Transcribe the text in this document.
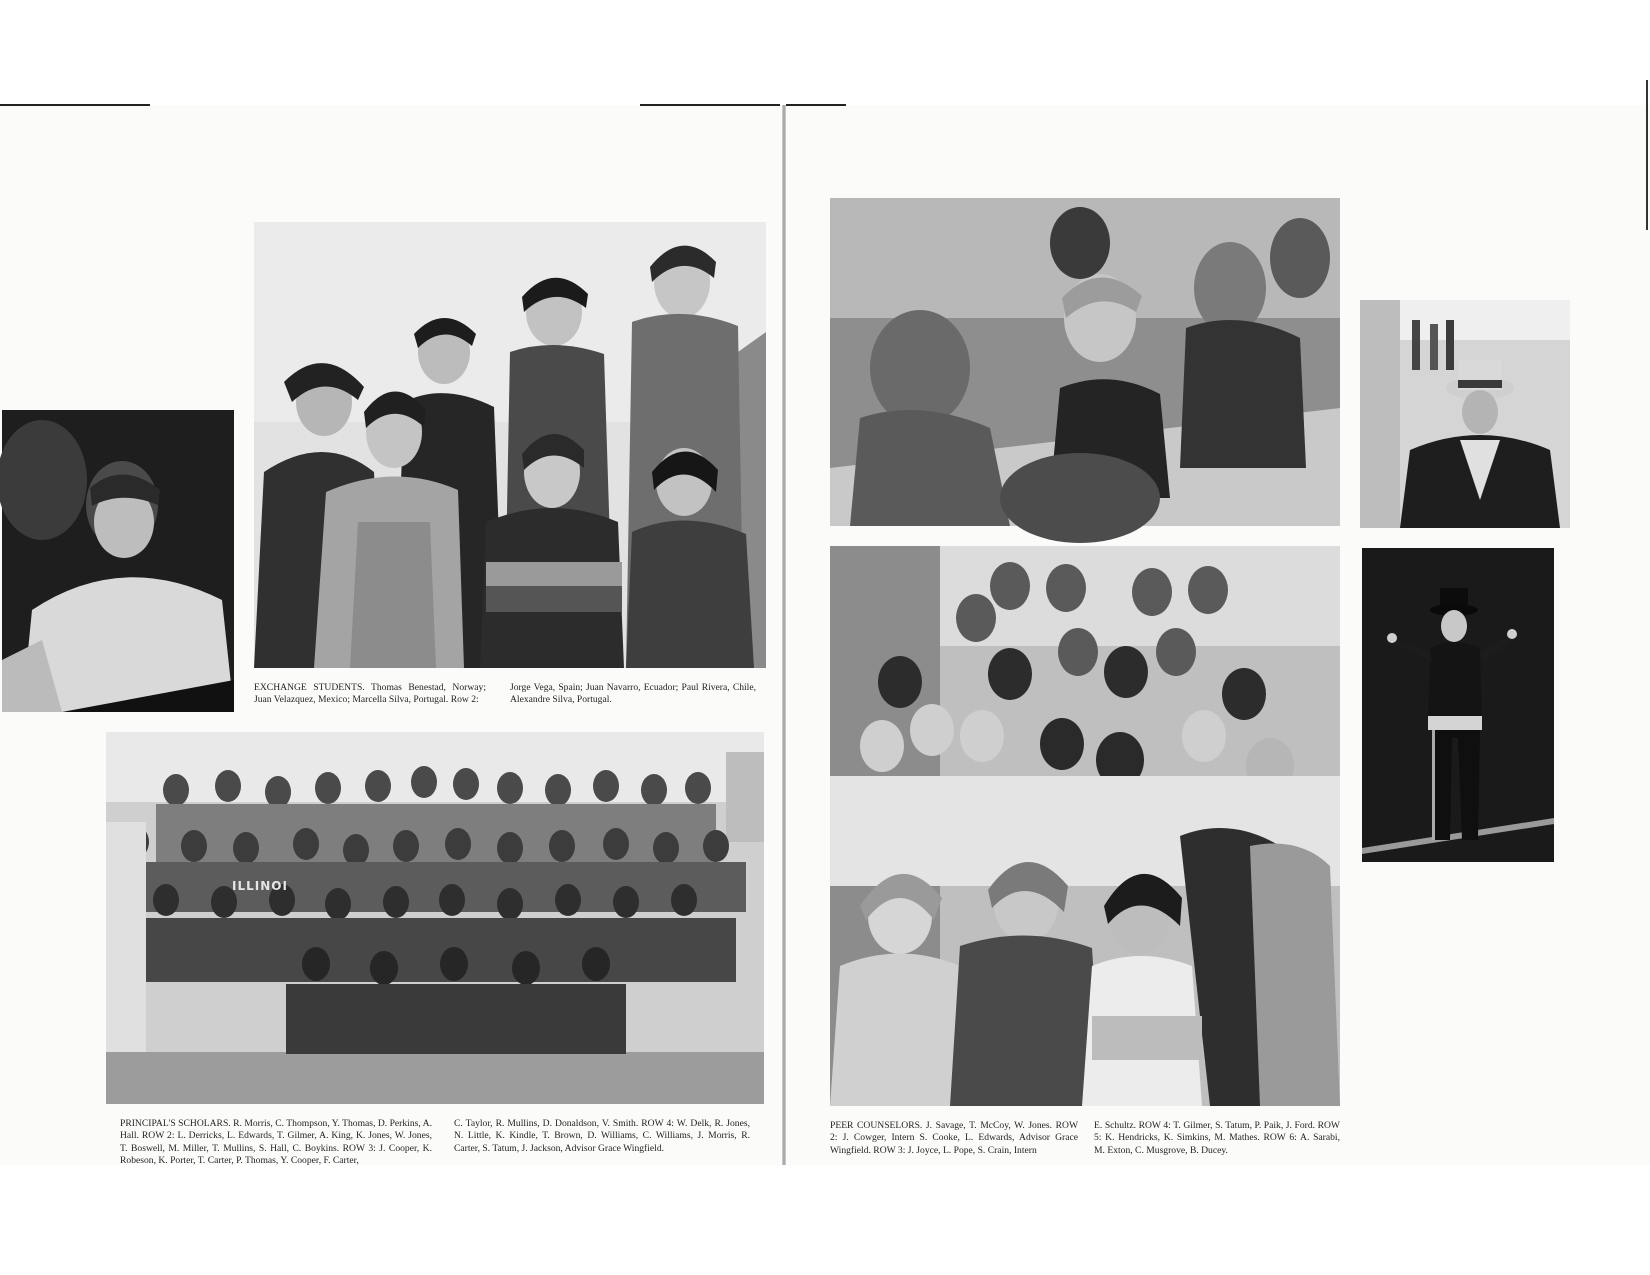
EXCHANGE STUDENTS. Thomas Benestad, Norway; Juan Velazquez, Mexico; Marcella Silva, Portugal. Row 2:
Jorge Vega, Spain; Juan Navarro, Ecuador; Paul Rivera, Chile, Alexandre Silva, Portugal.
ILLINOI
PRINCIPAL'S SCHOLARS. R. Morris, C. Thompson, Y. Thomas, D. Perkins, A. Hall. ROW 2: L. Derricks, L. Edwards, T. Gilmer, A. King, K. Jones, W. Jones, T. Boswell, M. Miller, T. Mullins, S. Hall, C. Boykins. ROW 3: J. Cooper, K. Robeson, K. Porter, T. Carter, P. Thomas, Y. Cooper, F. Carter,
C. Taylor, R. Mullins, D. Donaldson, V. Smith. ROW 4: W. Delk, R. Jones, N. Little, K. Kindle, T. Brown, D. Williams, C. Williams, J. Morris, R. Carter, S. Tatum, J. Jackson, Advisor Grace Wingfield.
PEER COUNSELORS. J. Savage, T. McCoy, W. Jones. ROW 2: J. Cowger, Intern S. Cooke, L. Edwards, Advisor Grace Wingfield. ROW 3: J. Joyce, L. Pope, S. Crain, Intern
E. Schultz. ROW 4: T. Gilmer, S. Tatum, P. Paik, J. Ford. ROW 5: K. Hendricks, K. Simkins, M. Mathes. ROW 6: A. Sarabi, M. Exton, C. Musgrove, B. Ducey.
